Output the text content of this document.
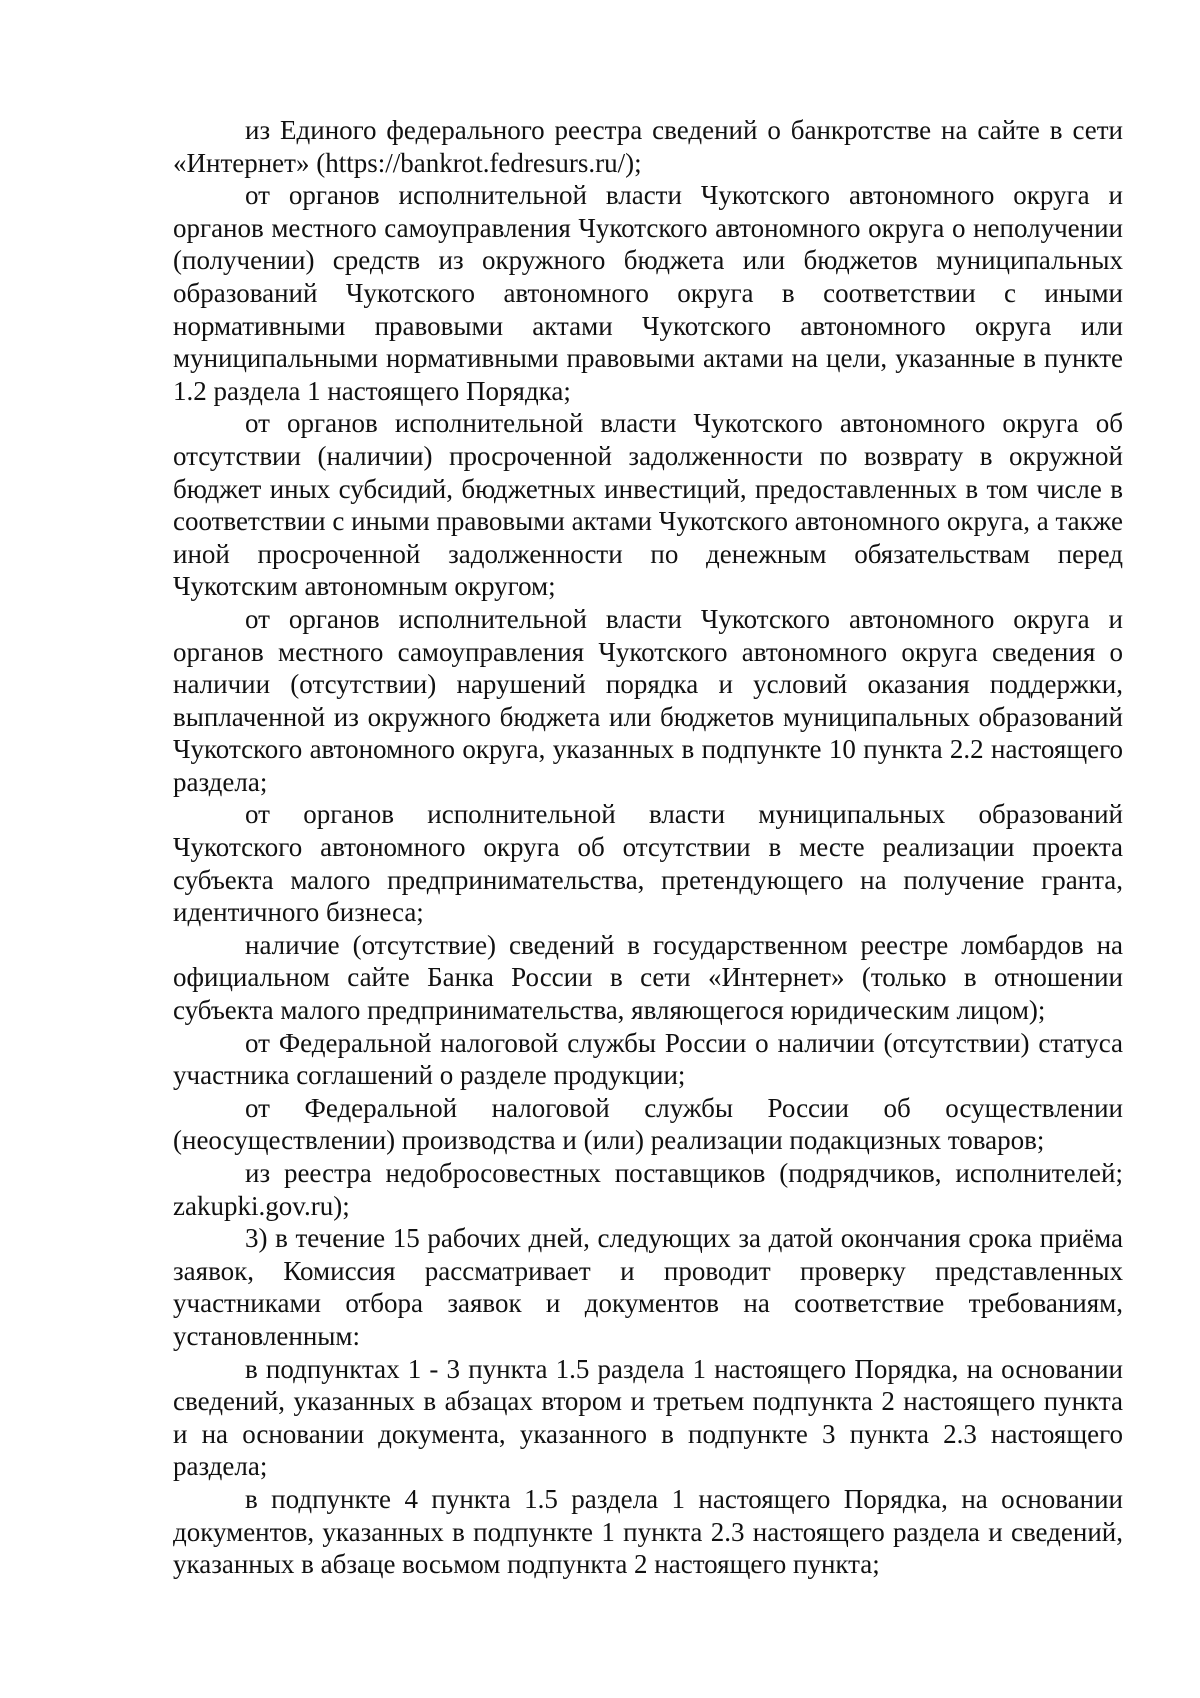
из Единого федерального реестра сведений о банкротстве на сайте в сети «Интернет» (https://bankrot.fedresurs.ru/);

от органов исполнительной власти Чукотского автономного округа и органов местного самоуправления Чукотского автономного округа о неполучении (получении) средств из окружного бюджета или бюджетов муниципальных образований Чукотского автономного округа в соответствии с иными нормативными правовыми актами Чукотского автономного округа или муниципальными нормативными правовыми актами на цели, указанные в пункте 1.2 раздела 1 настоящего Порядка;

от органов исполнительной власти Чукотского автономного округа об отсутствии (наличии) просроченной задолженности по возврату в окружной бюджет иных субсидий, бюджетных инвестиций, предоставленных в том числе в соответствии с иными правовыми актами Чукотского автономного округа, а также иной просроченной задолженности по денежным обязательствам перед Чукотским автономным округом;

от органов исполнительной власти Чукотского автономного округа и органов местного самоуправления Чукотского автономного округа сведения о наличии (отсутствии) нарушений порядка и условий оказания поддержки, выплаченной из окружного бюджета или бюджетов муниципальных образований Чукотского автономного округа, указанных в подпункте 10 пункта 2.2 настоящего раздела;

от органов исполнительной власти муниципальных образований Чукотского автономного округа об отсутствии в месте реализации проекта субъекта малого предпринимательства, претендующего на получение гранта, идентичного бизнеса;

наличие (отсутствие) сведений в государственном реестре ломбардов на официальном сайте Банка России в сети «Интернет» (только в отношении субъекта малого предпринимательства, являющегося юридическим лицом);

от Федеральной налоговой службы России о наличии (отсутствии) статуса участника соглашений о разделе продукции;

от Федеральной налоговой службы России об осуществлении (неосуществлении) производства и (или) реализации подакцизных товаров;

из реестра недобросовестных поставщиков (подрядчиков, исполнителей; zakupki.gov.ru);

3) в течение 15 рабочих дней, следующих за датой окончания срока приёма заявок, Комиссия рассматривает и проводит проверку представленных участниками отбора заявок и документов на соответствие требованиям, установленным:

в подпунктах 1 - 3 пункта 1.5 раздела 1 настоящего Порядка, на основании сведений, указанных в абзацах втором и третьем подпункта 2 настоящего пункта и на основании документа, указанного в подпункте 3 пункта 2.3 настоящего раздела;

в подпункте 4 пункта 1.5 раздела 1 настоящего Порядка, на основании документов, указанных в подпункте 1 пункта 2.3 настоящего раздела и сведений, указанных в абзаце восьмом подпункта 2 настоящего пункта;
